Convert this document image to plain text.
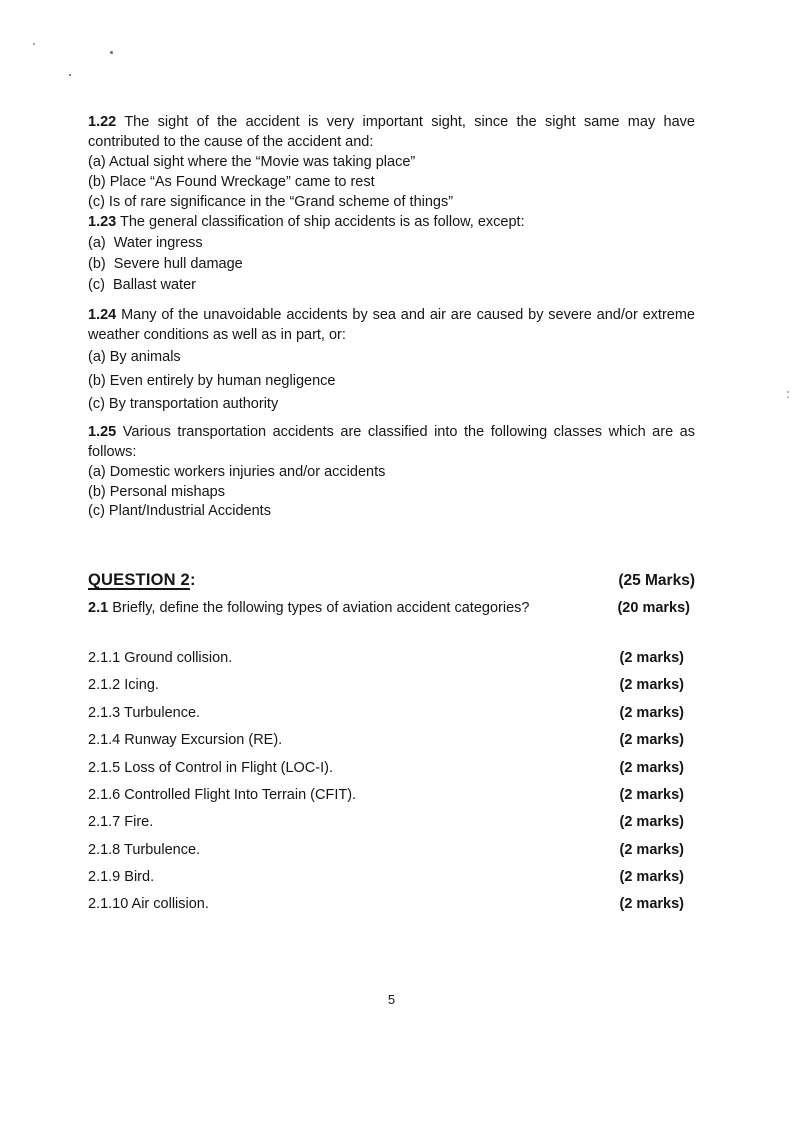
1.22 The sight of the accident is very important sight, since the sight same may have
contributed to the cause of the accident and:
(a) Actual sight where the “Movie was taking place”
(b) Place “As Found Wreckage” came to rest
(c) Is of rare significance in the “Grand scheme of things”
1.23 The general classification of ship accidents is as follow, except:
(a)  Water ingress
(b)  Severe hull damage
(c)  Ballast water
1.24 Many of the unavoidable accidents by sea and air are caused by severe and/or extreme
weather conditions as well as in part, or:
(a) By animals
(b) Even entirely by human negligence
(c) By transportation authority
1.25 Various transportation accidents are classified into the following classes which are as
follows:
(a) Domestic workers injuries and/or accidents
(b) Personal mishaps
(c) Plant/Industrial Accidents
QUESTION 2:	(25 Marks)
2.1 Briefly, define the following types of aviation accident categories?	(20 marks)
2.1.1 Ground collision.	(2 marks)
2.1.2 Icing.	(2 marks)
2.1.3 Turbulence.	(2 marks)
2.1.4 Runway Excursion (RE).	(2 marks)
2.1.5 Loss of Control in Flight (LOC-I).	(2 marks)
2.1.6 Controlled Flight Into Terrain (CFIT).	(2 marks)
2.1.7 Fire.	(2 marks)
2.1.8 Turbulence.	(2 marks)
2.1.9 Bird.	(2 marks)
2.1.10 Air collision.	(2 marks)
5
